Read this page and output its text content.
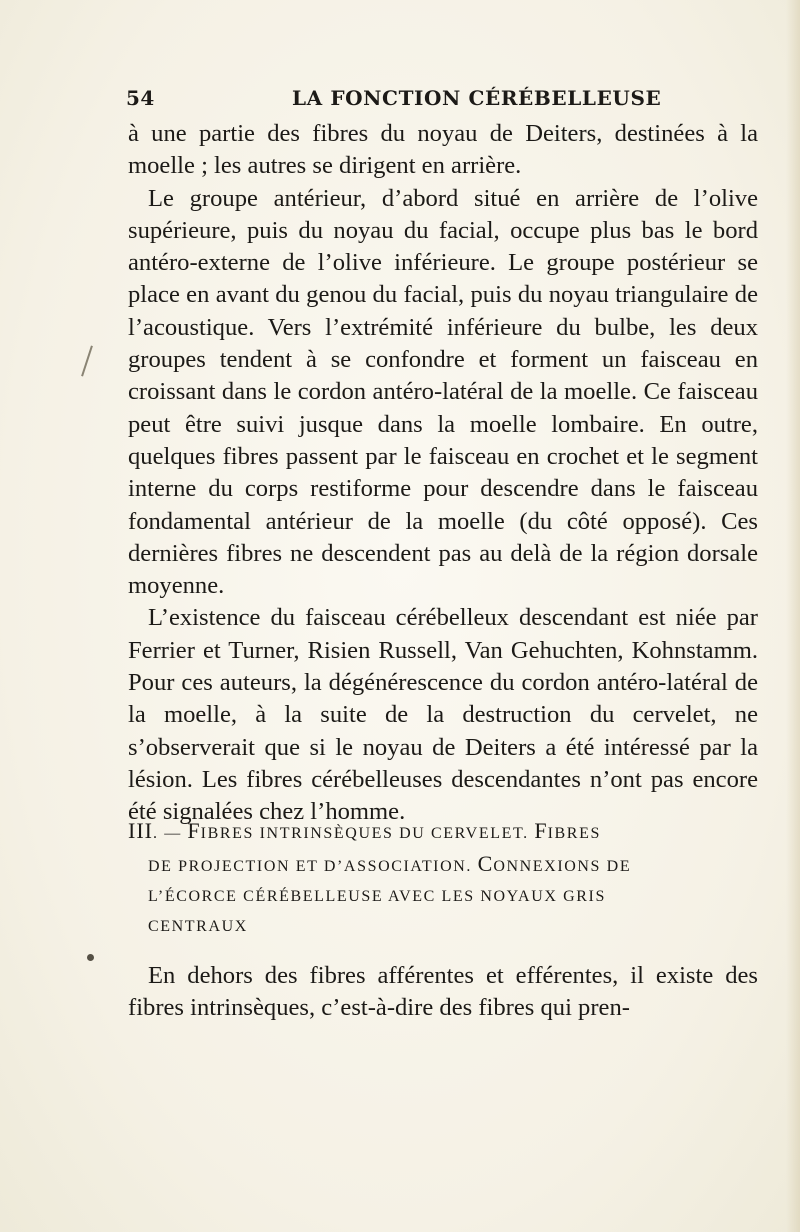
54	LA FONCTION CÉRÉBELLEUSE

à une partie des fibres du noyau de Deiters, destinées à la moelle ; les autres se dirigent en arrière.

Le groupe antérieur, d’abord situé en arrière de l’olive supérieure, puis du noyau du facial, occupe plus bas le bord antéro-externe de l’olive inférieure. Le groupe postérieur se place en avant du genou du facial, puis du noyau triangulaire de l’acoustique. Vers l’extrémité inférieure du bulbe, les deux groupes tendent à se confondre et forment un faisceau en croissant dans le cordon antéro-latéral de la moelle. Ce faisceau peut être suivi jusque dans la moelle lombaire. En outre, quelques fibres passent par le faisceau en crochet et le segment interne du corps restiforme pour descendre dans le faisceau fondamental antérieur de la moelle (du côté opposé). Ces dernières fibres ne descendent pas au delà de la région dorsale moyenne.

L’existence du faisceau cérébelleux descendant est niée par Ferrier et Turner, Risien Russell, Van Gehuchten, Kohnstamm. Pour ces auteurs, la dégénérescence du cordon antéro-latéral de la moelle, à la suite de la destruction du cervelet, ne s’observerait que si le noyau de Deiters a été intéressé par la lésion. Les fibres cérébelleuses descendantes n’ont pas encore été signalées chez l’homme.

III. — FIBRES INTRINSÈQUES DU CERVELET. FIBRES
DE PROJECTION ET D’ASSOCIATION. CONNEXIONS DE
L’ÉCORCE CÉRÉBELLEUSE AVEC LES NOYAUX GRIS
CENTRAUX

En dehors des fibres afférentes et efférentes, il existe des fibres intrinsèques, c’est-à-dire des fibres qui pren-
